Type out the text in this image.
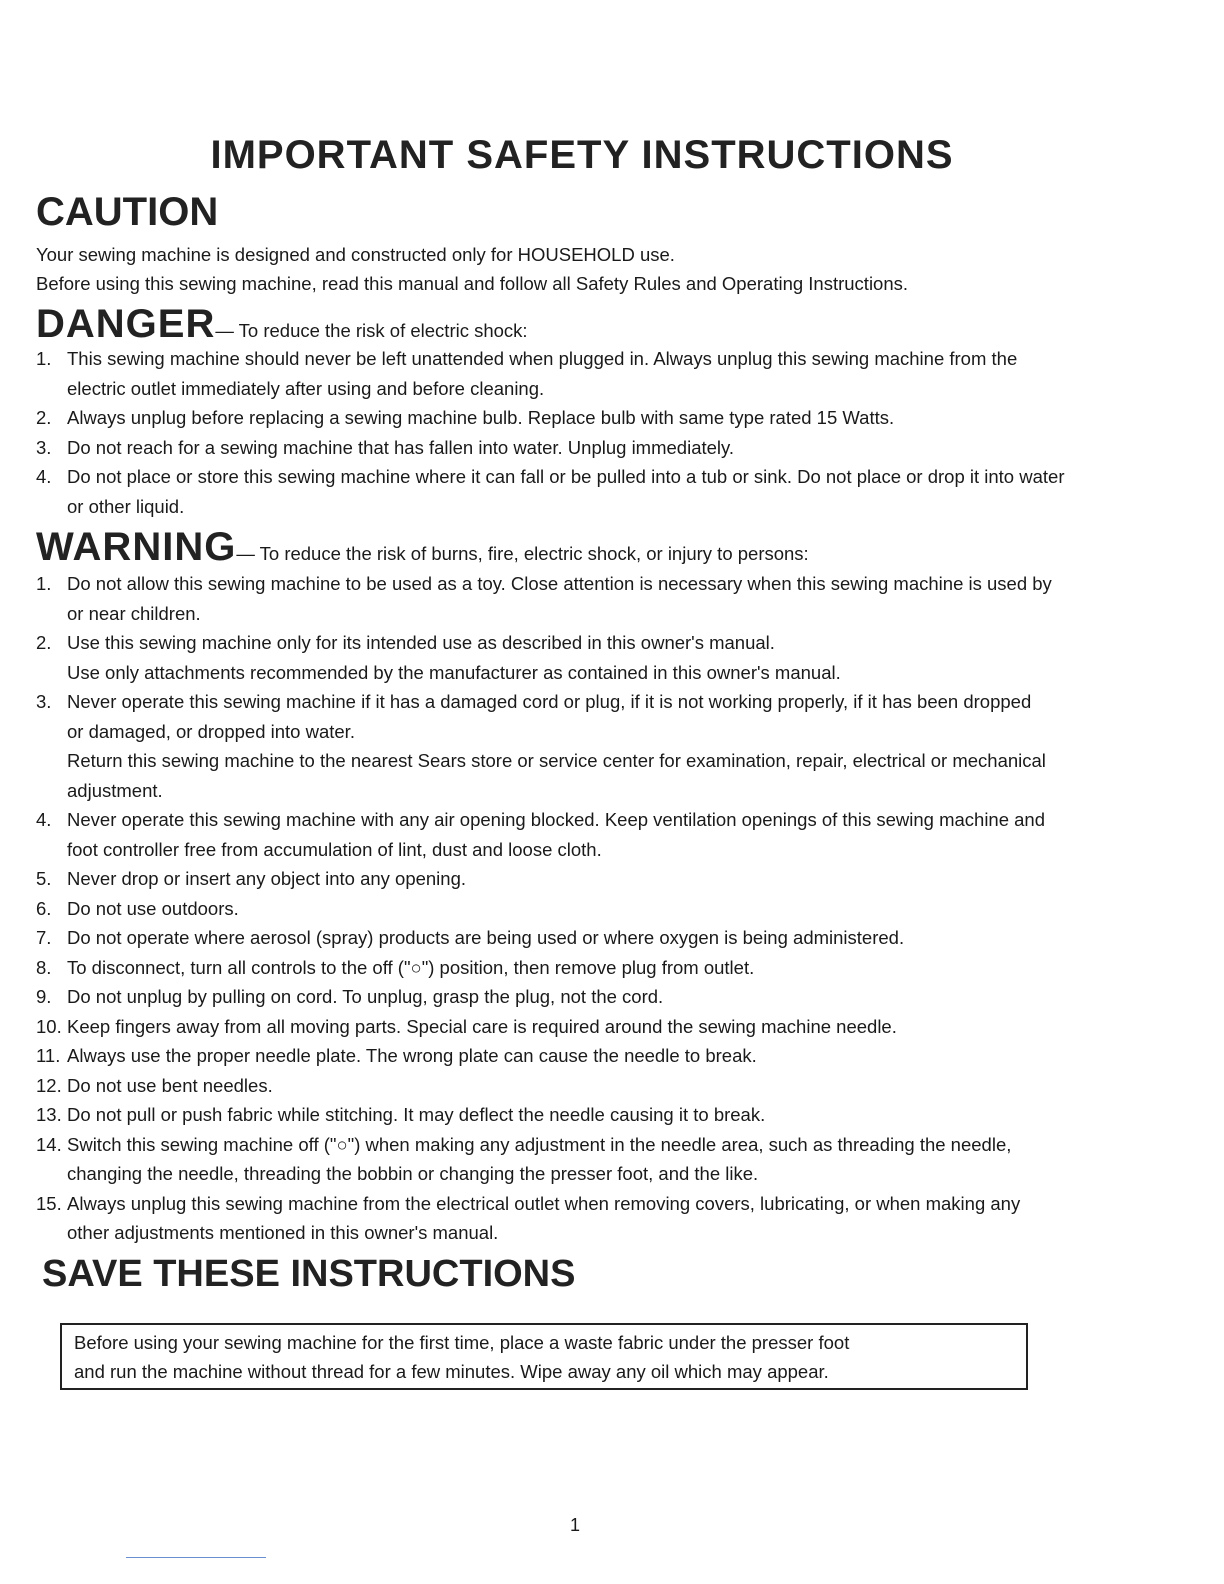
IMPORTANT SAFETY INSTRUCTIONS
CAUTION
Your sewing machine is designed and constructed only for HOUSEHOLD use.
Before using this sewing machine, read this manual and follow all Safety Rules and Operating Instructions.
DANGER— To reduce the risk of electric shock:
1. This sewing machine should never be left unattended when plugged in. Always unplug this sewing machine from the
electric outlet immediately after using and before cleaning.
2. Always unplug before replacing a sewing machine bulb. Replace bulb with same type rated 15 Watts.
3. Do not reach for a sewing machine that has fallen into water. Unplug immediately.
4. Do not place or store this sewing machine where it can fall or be pulled into a tub or sink. Do not place or drop it into water
or other liquid.
WARNING— To reduce the risk of burns, fire, electric shock, or injury to persons:
1. Do not allow this sewing machine to be used as a toy. Close attention is necessary when this sewing machine is used by
or near children.
2. Use this sewing machine only for its intended use as described in this owner's manual.
Use only attachments recommended by the manufacturer as contained in this owner's manual.
3. Never operate this sewing machine if it has a damaged cord or plug, if it is not working properly, if it has been dropped
or damaged, or dropped into water.
Return this sewing machine to the nearest Sears store or service center for examination, repair, electrical or mechanical
adjustment.
4. Never operate this sewing machine with any air opening blocked. Keep ventilation openings of this sewing machine and
foot controller free from accumulation of lint, dust and loose cloth.
5. Never drop or insert any object into any opening.
6. Do not use outdoors.
7. Do not operate where aerosol (spray) products are being used or where oxygen is being administered.
8. To disconnect, turn all controls to the off ("○") position, then remove plug from outlet.
9. Do not unplug by pulling on cord. To unplug, grasp the plug, not the cord.
10. Keep fingers away from all moving parts. Special care is required around the sewing machine needle.
11. Always use the proper needle plate. The wrong plate can cause the needle to break.
12. Do not use bent needles.
13. Do not pull or push fabric while stitching. It may deflect the needle causing it to break.
14. Switch this sewing machine off ("○") when making any adjustment in the needle area, such as threading the needle,
changing the needle, threading the bobbin or changing the presser foot, and the like.
15. Always unplug this sewing machine from the electrical outlet when removing covers, lubricating, or when making any
other adjustments mentioned in this owner's manual.
SAVE THESE INSTRUCTIONS
Before using your sewing machine for the first time, place a waste fabric under the presser foot
and run the machine without thread for a few minutes. Wipe away any oil which may appear.
1
